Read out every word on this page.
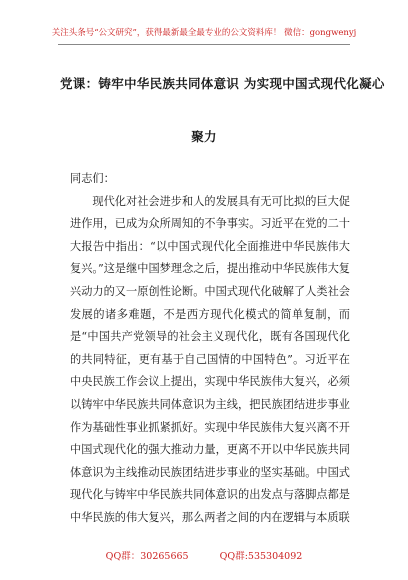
关注头条号“公文研究”，获得最新最全最专业的公文资料库！ 微信：gongwenyj
党课：铸牢中华民族共同体意识 为实现中国式现代化凝心
聚力

同志们：

现代化对社会进步和人的发展具有无可比拟的巨大促进作用，已成为众所周知的不争事实。习近平在党的二十大报告中指出：“以中国式现代化全面推进中华民族伟大复兴。”这是继中国梦理念之后，提出推动中华民族伟大复兴动力的又一原创性论断。中国式现代化破解了人类社会发展的诸多难题，不是西方现代化模式的简单复制，而是“中国共产党领导的社会主义现代化，既有各国现代化的共同特征，更有基于自己国情的中国特色”。习近平在中央民族工作会议上提出，实现中华民族伟大复兴，必须以铸牢中华民族共同体意识为主线，把民族团结进步事业作为基础性事业抓紧抓好。实现中华民族伟大复兴离不开中国式现代化的强大推动力量，更离不开以中华民族共同体意识为主线推动民族团结进步事业的坚实基础。中国式现代化与铸牢中华民族共同体意识的出发点与落脚点都是中华民族的伟大复兴，那么两者之间的内在逻辑与本质联

QQ群：30265665	QQ群:535304092
